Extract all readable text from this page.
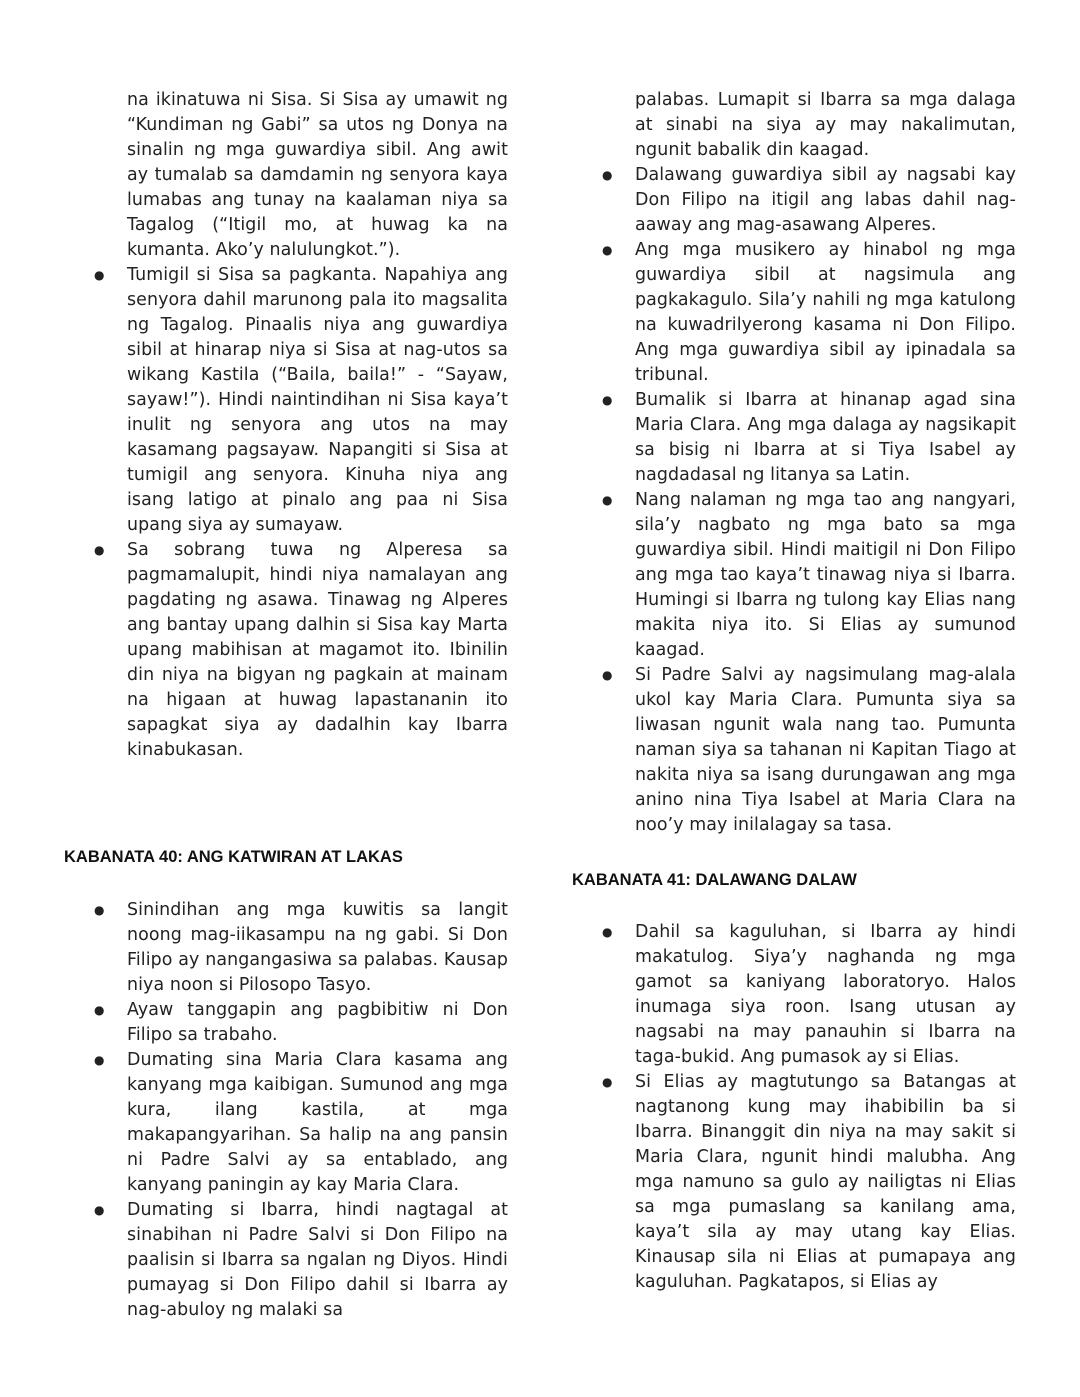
na ikinatuwa ni Sisa. Si Sisa ay umawit ng “Kundiman ng Gabi” sa utos ng Donya na sinalin ng mga guwardiya sibil. Ang awit ay tumalab sa damdamin ng senyora kaya lumabas ang tunay na kaalaman niya sa Tagalog (“Itigil mo, at huwag ka na kumanta. Ako’y nalulungkot.”).

● Tumigil si Sisa sa pagkanta. Napahiya ang senyora dahil marunong pala ito magsalita ng Tagalog. Pinaalis niya ang guwardiya sibil at hinarap niya si Sisa at nag-utos sa wikang Kastila (“Baila, baila!” - “Sayaw, sayaw!”). Hindi naintindihan ni Sisa kaya’t inulit ng senyora ang utos na may kasamang pagsayaw. Napangiti si Sisa at tumigil ang senyora. Kinuha niya ang isang latigo at pinalo ang paa ni Sisa upang siya ay sumayaw.
● Sa sobrang tuwa ng Alperesa sa pagmamalupit, hindi niya namalayan ang pagdating ng asawa. Tinawag ng Alperes ang bantay upang dalhin si Sisa kay Marta upang mabihisan at magamot ito. Ibinilin din niya na bigyan ng pagkain at mainam na higaan at huwag lapastananin ito sapagkat siya ay dadalhin kay Ibarra kinabukasan.
KABANATA 40: ANG KATWIRAN AT LAKAS
● Sinindihan ang mga kuwitis sa langit noong mag-iikasampu na ng gabi. Si Don Filipo ay nangangasiwa sa palabas. Kausap niya noon si Pilosopo Tasyo.
● Ayaw tanggapin ang pagbibitiw ni Don Filipo sa trabaho.
● Dumating sina Maria Clara kasama ang kanyang mga kaibigan. Sumunod ang mga kura, ilang kastila, at mga makapangyarihan. Sa halip na ang pansin ni Padre Salvi ay sa entablado, ang kanyang paningin ay kay Maria Clara.
● Dumating si Ibarra, hindi nagtagal at sinabihan ni Padre Salvi si Don Filipo na paalisin si Ibarra sa ngalan ng Diyos. Hindi pumayag si Don Filipo dahil si Ibarra ay nag-abuloy ng malaki sa

palabas. Lumapit si Ibarra sa mga dalaga at sinabi na siya ay may nakalimutan, ngunit babalik din kaagad.

● Dalawang guwardiya sibil ay nagsabi kay Don Filipo na itigil ang labas dahil nag-aaway ang mag-asawang Alperes.
● Ang mga musikero ay hinabol ng mga guwardiya sibil at nagsimula ang pagkakagulo. Sila’y nahili ng mga katulong na kuwadrilyerong kasama ni Don Filipo. Ang mga guwardiya sibil ay ipinadala sa tribunal.
● Bumalik si Ibarra at hinanap agad sina Maria Clara. Ang mga dalaga ay nagsikapit sa bisig ni Ibarra at si Tiya Isabel ay nagdadasal ng litanya sa Latin.
● Nang nalaman ng mga tao ang nangyari, sila’y nagbato ng mga bato sa mga guwardiya sibil. Hindi maitigil ni Don Filipo ang mga tao kaya’t tinawag niya si Ibarra. Humingi si Ibarra ng tulong kay Elias nang makita niya ito. Si Elias ay sumunod kaagad.
● Si Padre Salvi ay nagsimulang mag-alala ukol kay Maria Clara. Pumunta siya sa liwasan ngunit wala nang tao. Pumunta naman siya sa tahanan ni Kapitan Tiago at nakita niya sa isang durungawan ang mga anino nina Tiya Isabel at Maria Clara na noo’y may inilalagay sa tasa.
KABANATA 41: DALAWANG DALAW
● Dahil sa kaguluhan, si Ibarra ay hindi makatulog. Siya’y naghanda ng mga gamot sa kaniyang laboratoryo. Halos inumaga siya roon. Isang utusan ay nagsabi na may panauhin si Ibarra na taga-bukid. Ang pumasok ay si Elias.
● Si Elias ay magtutungo sa Batangas at nagtanong kung may ihabibilin ba si Ibarra. Binanggit din niya na may sakit si Maria Clara, ngunit hindi malubha. Ang mga namuno sa gulo ay nailigtas ni Elias sa mga pumaslang sa kanilang ama, kaya’t sila ay may utang kay Elias. Kinausap sila ni Elias at pumapaya ang kaguluhan. Pagkatapos, si Elias ay
